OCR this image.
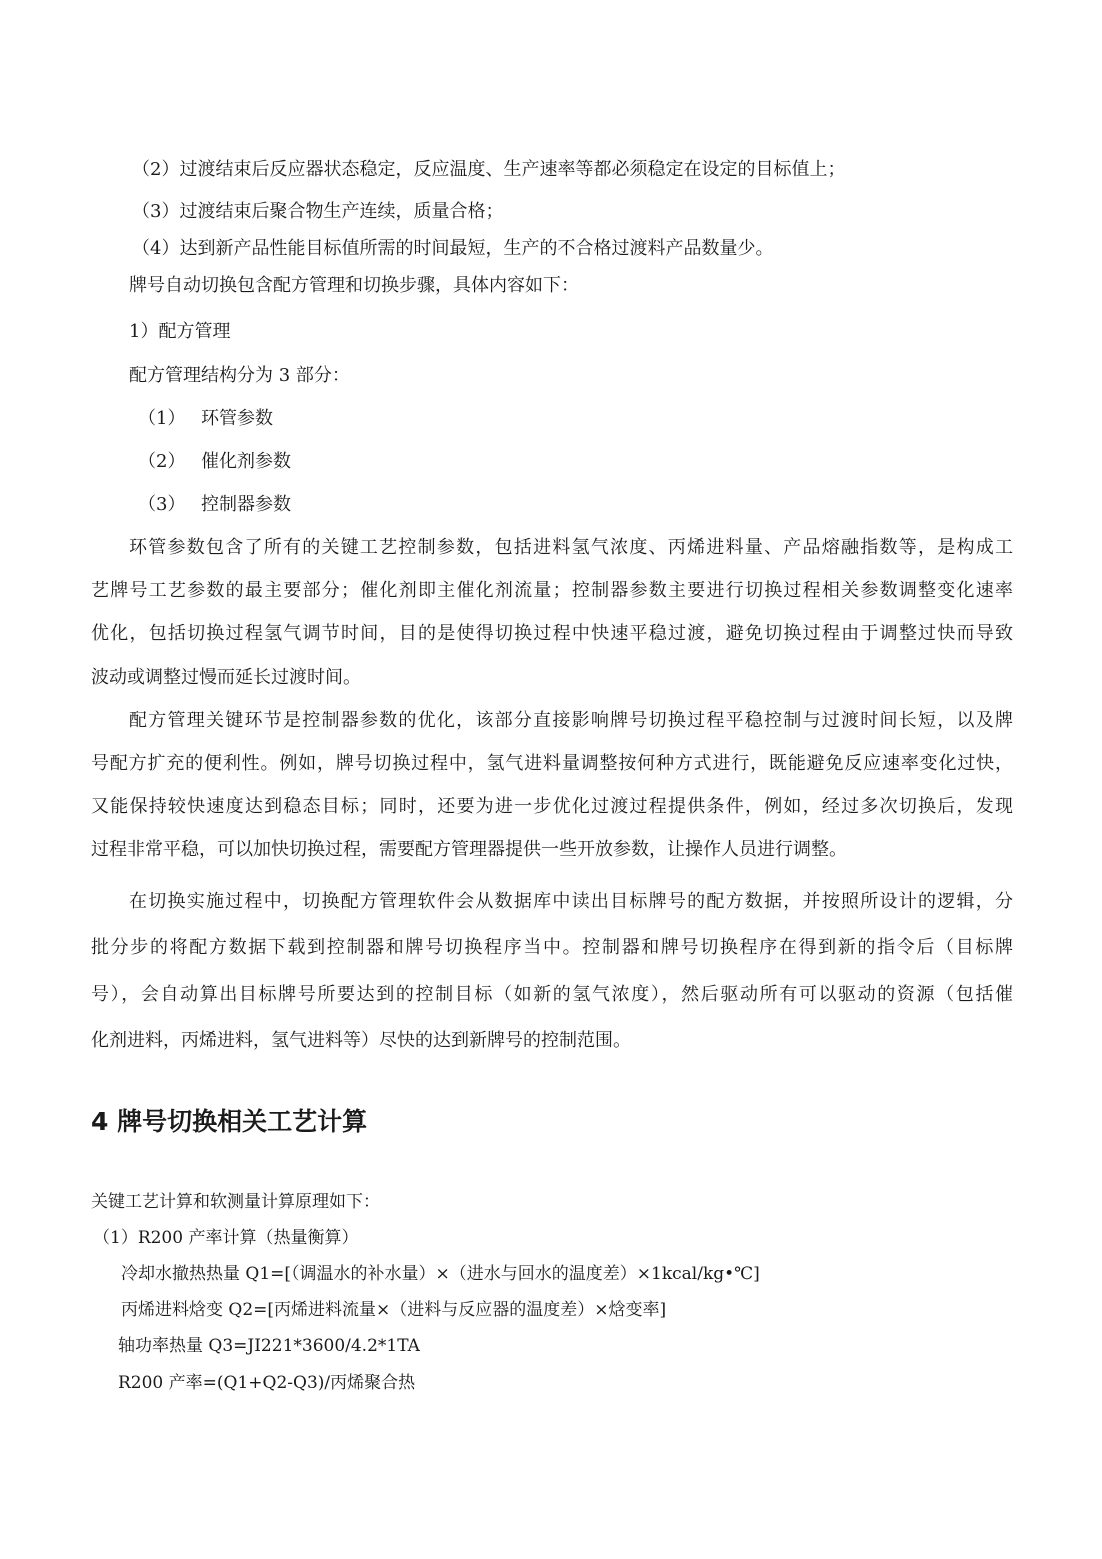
（2）过渡结束后反应器状态稳定，反应温度、生产速率等都必须稳定在设定的目标值上；
（3）过渡结束后聚合物生产连续，质量合格；
（4）达到新产品性能目标值所需的时间最短，生产的不合格过渡料产品数量少。
牌号自动切换包含配方管理和切换步骤，具体内容如下：
1）配方管理
配方管理结构分为 3 部分：
（1） 环管参数
（2） 催化剂参数
（3） 控制器参数
环管参数包含了所有的关键工艺控制参数，包括进料氢气浓度、丙烯进料量、产品熔融指数等，是构成工
艺牌号工艺参数的最主要部分；催化剂即主催化剂流量；控制器参数主要进行切换过程相关参数调整变化速率
优化，包括切换过程氢气调节时间，目的是使得切换过程中快速平稳过渡，避免切换过程由于调整过快而导致
波动或调整过慢而延长过渡时间。
配方管理关键环节是控制器参数的优化，该部分直接影响牌号切换过程平稳控制与过渡时间长短，以及牌
号配方扩充的便利性。例如，牌号切换过程中，氢气进料量调整按何种方式进行，既能避免反应速率变化过快，
又能保持较快速度达到稳态目标；同时，还要为进一步优化过渡过程提供条件，例如，经过多次切换后，发现
过程非常平稳，可以加快切换过程，需要配方管理器提供一些开放参数，让操作人员进行调整。
在切换实施过程中，切换配方管理软件会从数据库中读出目标牌号的配方数据，并按照所设计的逻辑，分
批分步的将配方数据下载到控制器和牌号切换程序当中。控制器和牌号切换程序在得到新的指令后（目标牌
号），会自动算出目标牌号所要达到的控制目标（如新的氢气浓度），然后驱动所有可以驱动的资源（包括催
化剂进料，丙烯进料，氢气进料等）尽快的达到新牌号的控制范围。
4 牌号切换相关工艺计算
关键工艺计算和软测量计算原理如下：
（1）R200 产率计算（热量衡算）
冷却水撤热热量 Q1=[（调温水的补水量）×（进水与回水的温度差）×1kcal/kg•℃]
丙烯进料焓变 Q2=[丙烯进料流量×（进料与反应器的温度差）×焓变率]
轴功率热量 Q3=JI221*3600/4.2*1TA
R200 产率=(Q1+Q2-Q3)/丙烯聚合热
